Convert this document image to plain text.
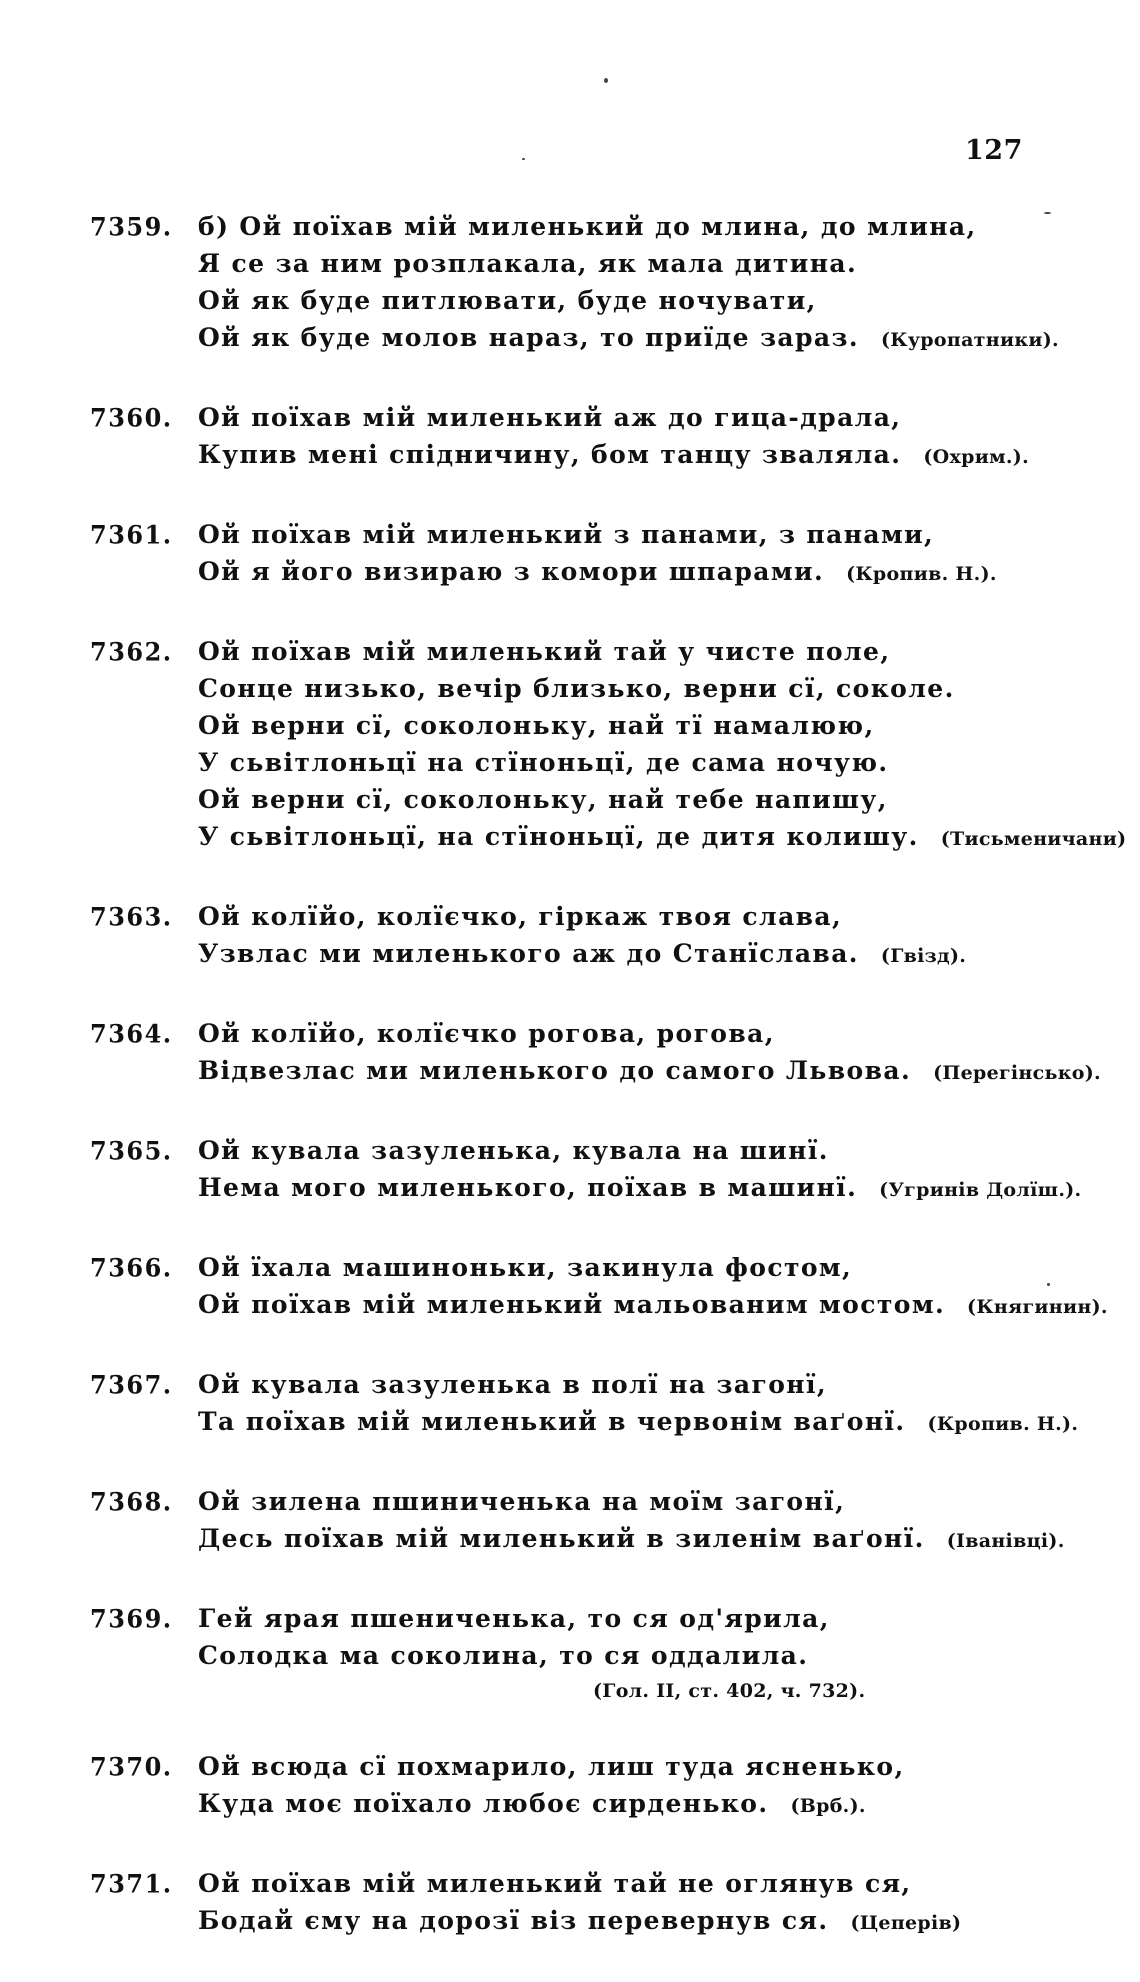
127
7359. б) Ой поїхав мій миленький до млина, до млина,
Я се за ним розплакала, як мала дитина.
Ой як буде питлювати, буде ночувати,
Ой як буде молов нараз, то приїде зараз. (Куропатники).
7360. Ой поїхав мій миленький аж до гица-драла,
Купив мені спідничину, бом танцу зваляла. (Охрим.).
7361. Ой поїхав мій миленький з панами, з панами,
Ой я його визираю з комори шпарами. (Кропив. Н.).
7362. Ой поїхав мій миленький тай у чисте поле,
Сонце низько, вечір близько, верни сї, соколе.
Ой верни сї, соколоньку, най тї намалюю,
У сьвітлоньцї на стїноньцї, де сама ночую.
Ой верни сї, соколоньку, най тебе напишу,
У сьвітлоньцї, на стїноньцї, де дитя колишу. (Тисьменичани)
7363. Ой колїйо, колїєчко, гіркаж твоя слава,
Узвлас ми миленького аж до Станїслава. (Гвізд).
7364. Ой колїйо, колїєчко рогова, рогова,
Відвезлас ми миленького до самого Львова. (Перегінсько).
7365. Ой кувала зазуленька, кувала на шинї.
Нема мого миленького, поїхав в машинї. (Угринів Долїш.).
7366. Ой їхала машиноньки, закинула фостом,
Ой поїхав мій миленький мальованим мостом. (Княгинин).
7367. Ой кувала зазуленька в полї на загонї,
Та поїхав мій миленький в червонім ваґонї. (Кропив. Н.).
7368. Ой зилена пшиниченька на моїм загонї,
Десь поїхав мій миленький в зиленім ваґонї. (Іванівці).
7369. Гей ярая пшениченька, то ся од'ярила,
Солодка ма соколина, то ся оддалила.
(Гол. II, ст. 402, ч. 732).
7370. Ой всюда сї похмарило, лиш туда ясненько,
Куда моє поїхало любоє сирденько. (Врб.).
7371. Ой поїхав мій миленький тай не оглянув ся,
Бодай єму на дорозї віз перевернув ся. (Цеперів)
